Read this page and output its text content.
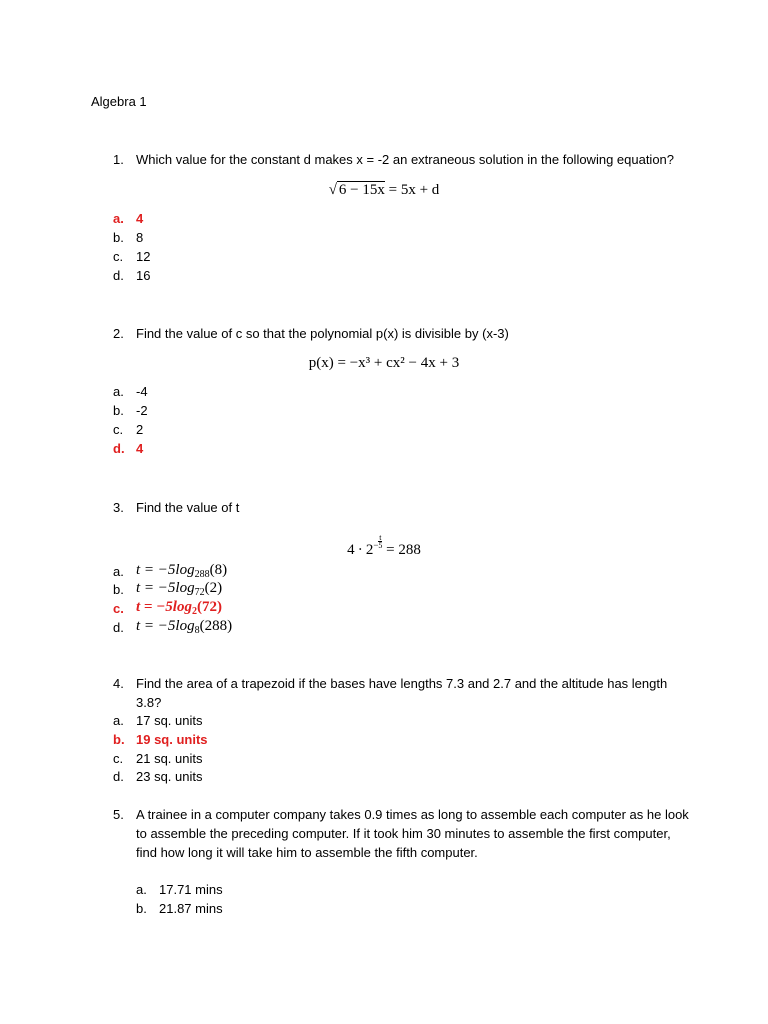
Algebra 1
1. Which value for the constant d makes x = -2 an extraneous solution in the following equation?
√ 6 − 15x = 5x + d
a. 4
b. 8
c. 12
d. 16
2. Find the value of c so that the polynomial p(x) is divisible by (x-3)
p(x) = −x³ + cx² − 4x + 3
a. -4
b. -2
c. 2
d. 4
3. Find the value of t
$4 \cdot 2^- \frac{t}{5}$
= 288
a. $t = -5\log_{288}(8)$
b. $t = -5\log_{72}(2)$
c. $t = -5\log_2(72)$
d. $t = -5\log_8(288)$
4. Find the area of a trapezoid if the bases have lengths 7.3 and 2.7 and the altitude has length
3.8?
a. 17 sq. units
b. 19 sq. units
c. 21 sq. units
d. 23 sq. units
5. A trainee in a computer company takes 0.9 times as long to assemble each computer as he look
to assemble the preceding computer. If it took him 30 minutes to assemble the first computer,
find how long it will take him to assemble the fifth computer.
a. 17.71 mins
b. 21.87 mins
